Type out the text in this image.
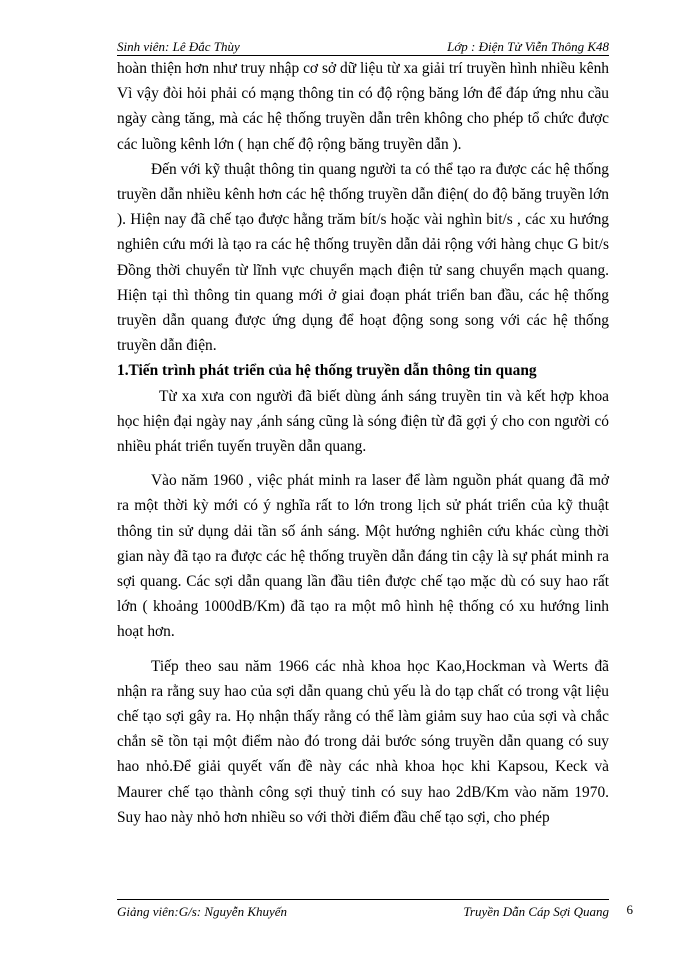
Sinh viên: Lê Đắc Thùy	Lớp : Điện Tử Viễn Thông K48

hoàn thiện hơn như truy nhập cơ sở dữ liệu từ xa giải trí truyền hình nhiều kênh Vì vậy đòi hỏi phải có mạng thông tin có độ rộng băng lớn để đáp ứng nhu cầu ngày càng tăng, mà các hệ thống truyền dẫn trên không cho phép tổ chức được các luồng kênh lớn ( hạn chế độ rộng băng truyền dẫn ).

Đến với kỹ thuật thông tin quang người ta có thể tạo ra được các hệ thống truyền dẫn nhiều kênh hơn các hệ thống truyền dẫn điện( do độ băng truyền lớn ). Hiện nay đã chế tạo được hằng trăm bít/s hoặc vài nghìn bit/s , các xu hướng nghiên cứu mới là tạo ra các hệ thống truyền dẫn dải rộng với hàng chục G bit/s Đồng thời chuyển từ lĩnh vực chuyển mạch điện tử sang chuyển mạch quang. Hiện tại thì thông tin quang mới ở giai đoạn phát triển ban đầu, các hệ thống truyền dẫn quang được ứng dụng để hoạt động song song với các hệ thống truyền dẫn điện.

1.Tiến trình phát triển của hệ thống truyền dẫn thông tin quang

Từ xa xưa con người đã biết dùng ánh sáng truyền tin và kết hợp khoa học hiện đại ngày nay ,ánh sáng cũng là sóng điện từ đã gợi ý cho con người có nhiều phát triển tuyến truyền dẫn quang.

Vào năm 1960 , việc phát minh ra laser để làm nguồn phát quang đã mở ra một thời kỳ mới có ý nghĩa rất to lớn trong lịch sử phát triển của kỹ thuật thông tin sử dụng dải tần số ánh sáng. Một hướng nghiên cứu khác cùng thời gian này đã tạo ra được các hệ thống truyền dẫn đáng tin cậy là sự phát minh ra sợi quang. Các sợi dẫn quang lần đầu tiên được chế tạo mặc dù có suy hao rất lớn ( khoảng 1000dB/Km) đã tạo ra một mô hình hệ thống có xu hướng linh hoạt hơn.

Tiếp theo sau năm 1966 các nhà khoa học Kao,Hockman và Werts đã nhận ra rằng suy hao của sợi dẫn quang chủ yếu là do tạp chất có trong vật liệu chế tạo sợi gây ra. Họ nhận thấy rằng có thể làm giảm suy hao của sợi và chắc chắn sẽ tồn tại một điểm nào đó trong dải bước sóng truyền dẫn quang có suy hao nhỏ.Để giải quyết vấn đề này các nhà khoa học khi Kapsou, Keck và Maurer chế tạo thành công sợi thuỷ tinh có suy hao 2dB/Km vào năm 1970. Suy hao này nhỏ hơn nhiều so với thời điểm đầu chế tạo sợi, cho phép

Giảng viên:G/s: Nguyễn Khuyến	Truyền Dẫn Cáp Sợi Quang 6
